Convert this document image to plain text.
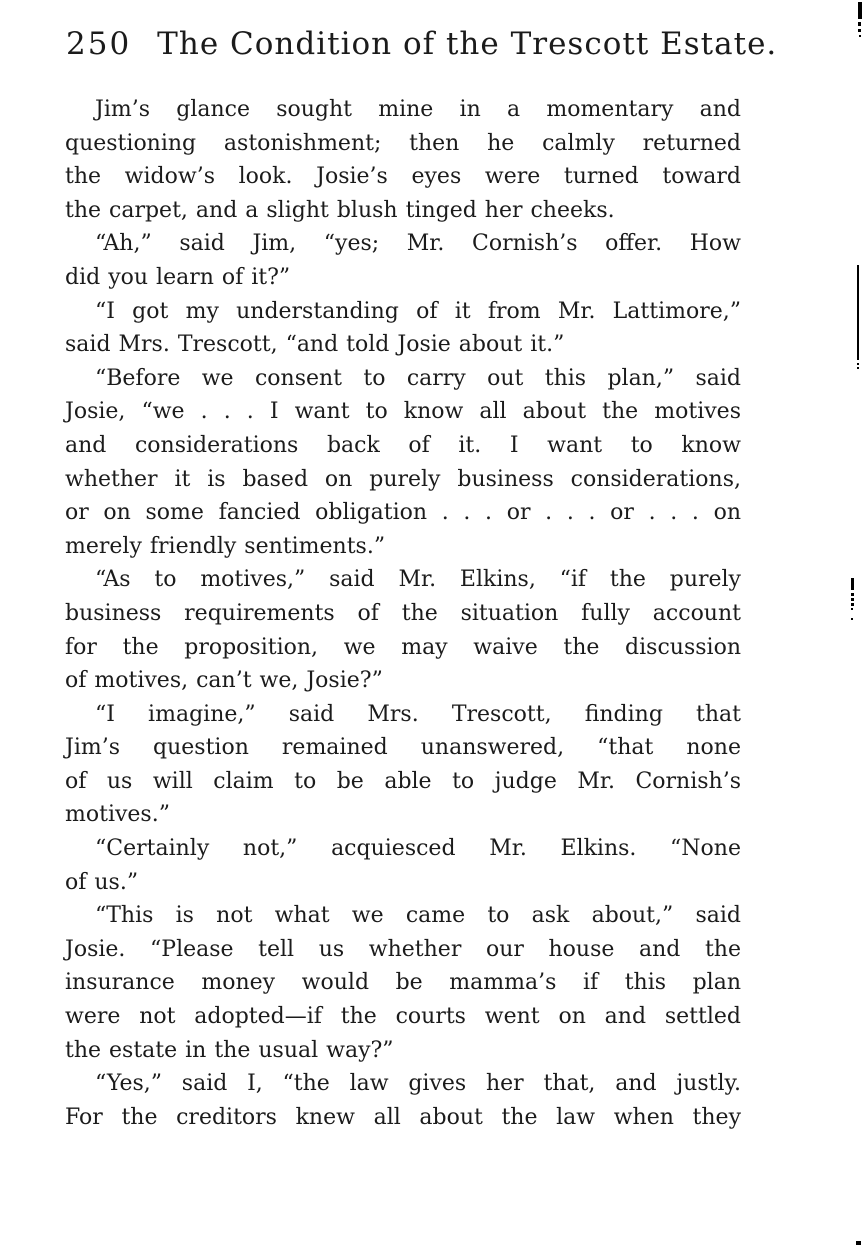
250 The Condition of the Trescott Estate.

Jim’s glance sought mine in a momentary and
questioning astonishment; then he calmly returned
the widow’s look. Josie’s eyes were turned toward
the carpet, and a slight blush tinged her cheeks.

“Ah,” said Jim, “yes; Mr. Cornish’s offer. How
did you learn of it?”

“I got my understanding of it from Mr. Lattimore,”
said Mrs. Trescott, “and told Josie about it.”

“Before we consent to carry out this plan,” said
Josie, “we . . . I want to know all about the motives
and considerations back of it. I want to know
whether it is based on purely business considerations,
or on some fancied obligation . . . or . . . or . . . on
merely friendly sentiments.”

“As to motives,” said Mr. Elkins, “if the purely
business requirements of the situation fully account
for the proposition, we may waive the discussion
of motives, can’t we, Josie?”

“I imagine,” said Mrs. Trescott, finding that
Jim’s question remained unanswered, “that none
of us will claim to be able to judge Mr. Cornish’s
motives.”

“Certainly not,” acquiesced Mr. Elkins. “None
of us.”

“This is not what we came to ask about,” said
Josie. “Please tell us whether our house and the
insurance money would be mamma’s if this plan
were not adopted—if the courts went on and settled
the estate in the usual way?”

“Yes,” said I, “the law gives her that, and justly.
For the creditors knew all about the law when they
